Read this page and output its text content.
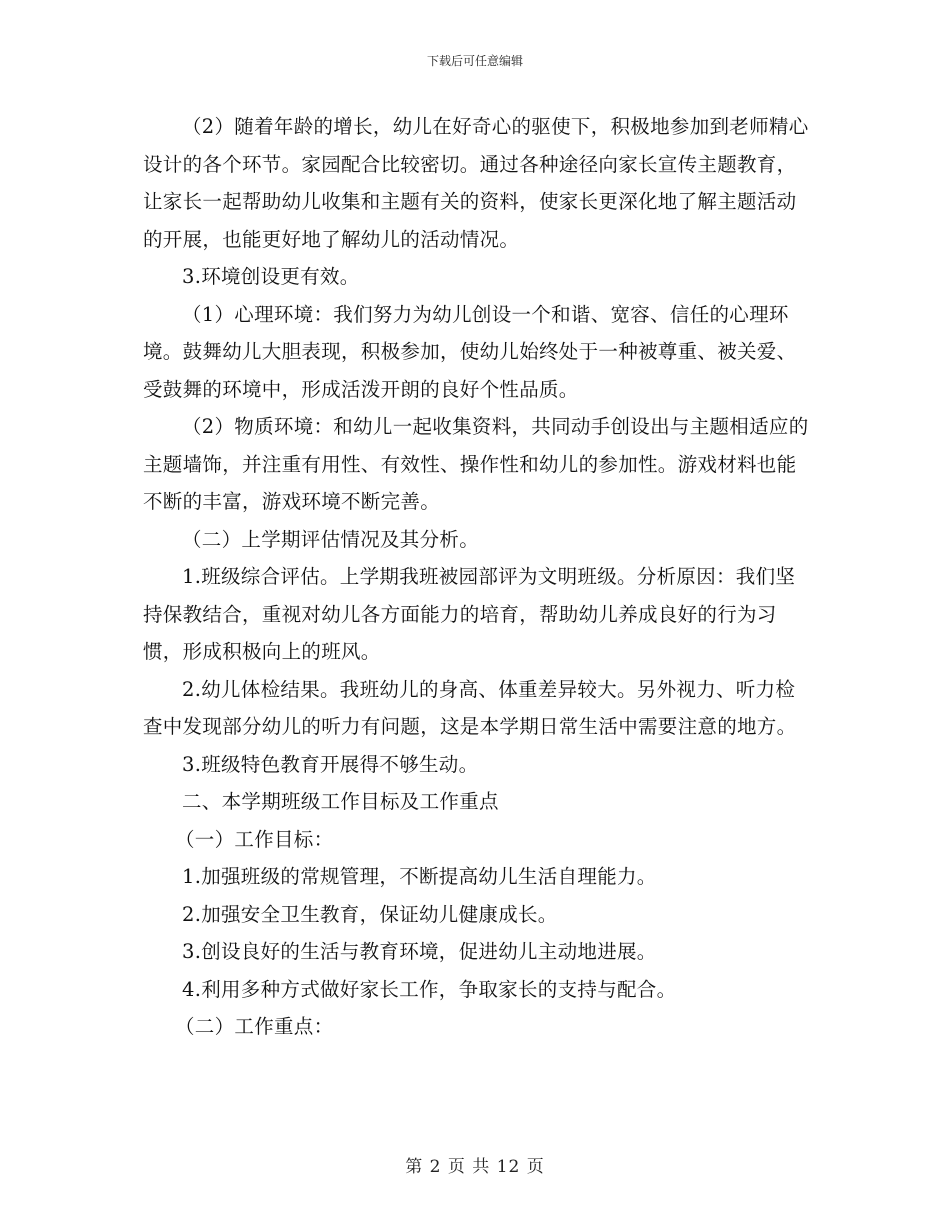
下载后可任意编辑

（2）随着年龄的增长，幼儿在好奇心的驱使下，积极地参加到老师精心设计的各个环节。家园配合比较密切。通过各种途径向家长宣传主题教育，让家长一起帮助幼儿收集和主题有关的资料，使家长更深化地了解主题活动的开展，也能更好地了解幼儿的活动情况。

3.环境创设更有效。

（1）心理环境：我们努力为幼儿创设一个和谐、宽容、信任的心理环境。鼓舞幼儿大胆表现，积极参加，使幼儿始终处于一种被尊重、被关爱、受鼓舞的环境中，形成活泼开朗的良好个性品质。

（2）物质环境：和幼儿一起收集资料，共同动手创设出与主题相适应的主题墙饰，并注重有用性、有效性、操作性和幼儿的参加性。游戏材料也能不断的丰富，游戏环境不断完善。

（二）上学期评估情况及其分析。

1.班级综合评估。上学期我班被园部评为文明班级。分析原因：我们坚持保教结合，重视对幼儿各方面能力的培育，帮助幼儿养成良好的行为习惯，形成积极向上的班风。

2.幼儿体检结果。我班幼儿的身高、体重差异较大。另外视力、听力检查中发现部分幼儿的听力有问题，这是本学期日常生活中需要注意的地方。

3.班级特色教育开展得不够生动。

二、本学期班级工作目标及工作重点

（一）工作目标：

1.加强班级的常规管理，不断提高幼儿生活自理能力。

2.加强安全卫生教育，保证幼儿健康成长。

3.创设良好的生活与教育环境，促进幼儿主动地进展。

4.利用多种方式做好家长工作，争取家长的支持与配合。

（二）工作重点：

第 2 页 共 12 页
